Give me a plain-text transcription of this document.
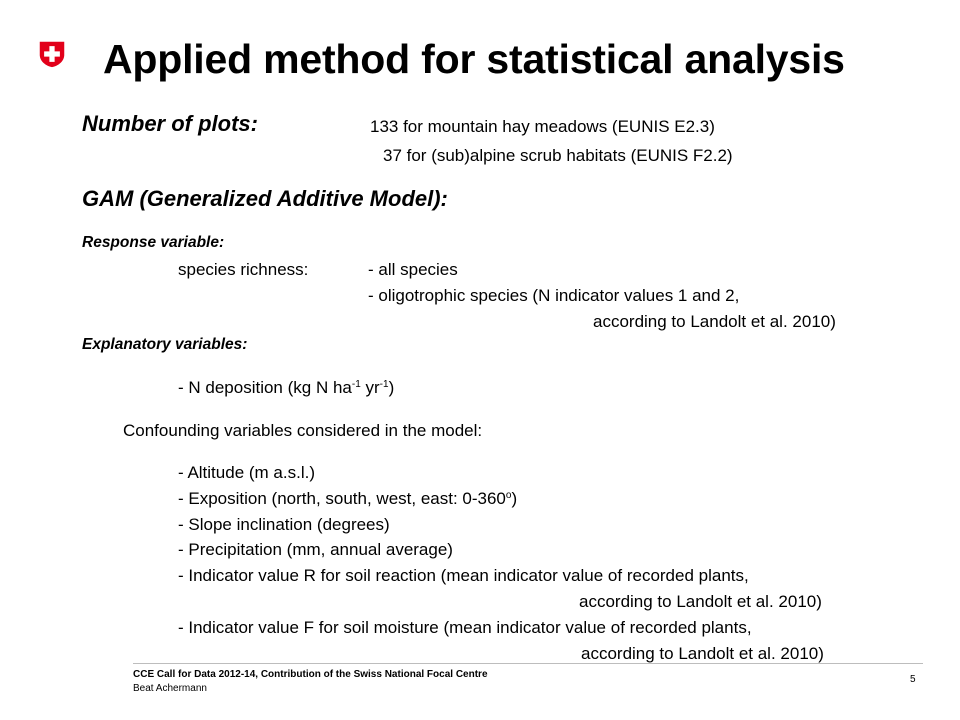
Applied method for statistical analysis
Number of plots:	133 for mountain hay meadows (EUNIS E2.3)
37 for (sub)alpine scrub habitats (EUNIS F2.2)
GAM (Generalized Additive Model):
Response variable:
species richness:	- all species
- oligotrophic species (N indicator values 1 and 2,
according to Landolt et al. 2010)
Explanatory variables:
- N deposition (kg N $ha^{-1}$ $yr^{-1}$)
Confounding variables considered in the model:
- Altitude (m a.s.l.)
- Exposition (north, south, west, east: 0-360$^o$)
- Slope inclination (degrees)
- Precipitation (mm, annual average)
- Indicator value R for soil reaction (mean indicator value of recorded plants,
according to Landolt et al. 2010)
- Indicator value F for soil moisture (mean indicator value of recorded plants,
according to Landolt et al. 2010)
CCE Call for Data 2012-14, Contribution of the Swiss National Focal Centre
Beat Achermann
5
